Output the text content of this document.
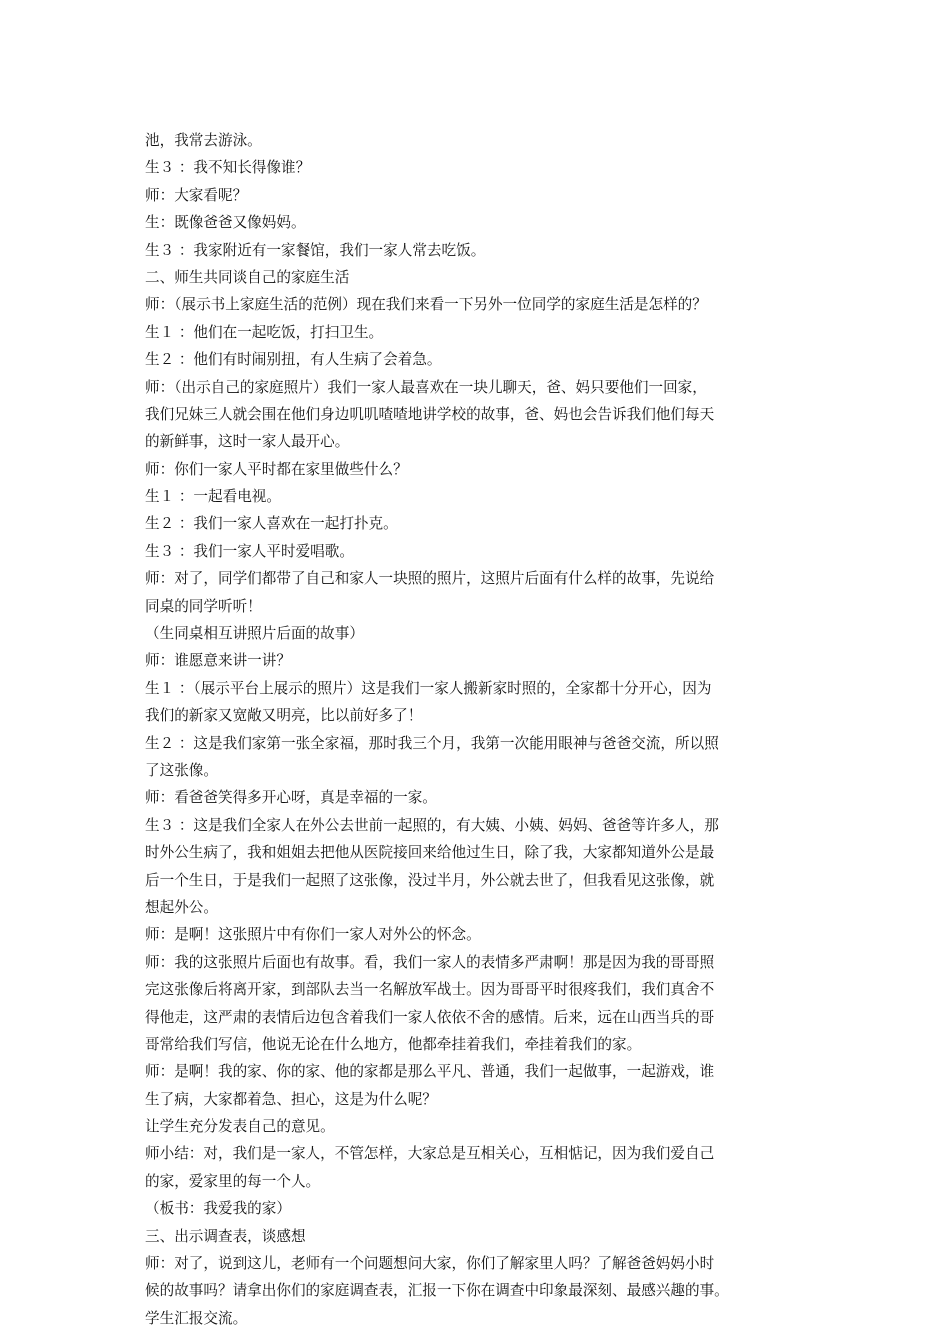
池，我常去游泳。
生３ ：我不知长得像谁？
师：大家看呢？
生：既像爸爸又像妈妈。
生３ ：我家附近有一家餐馆，我们一家人常去吃饭。
二、师生共同谈自己的家庭生活
师：（展示书上家庭生活的范例）现在我们来看一下另外一位同学的家庭生活是怎样的？
生１ ：他们在一起吃饭，打扫卫生。
生２ ：他们有时闹别扭，有人生病了会着急。
师：（出示自己的家庭照片）我们一家人最喜欢在一块儿聊天，爸、妈只要他们一回家，
我们兄妹三人就会围在他们身边叽叽喳喳地讲学校的故事，爸、妈也会告诉我们他们每天
的新鲜事，这时一家人最开心。
师：你们一家人平时都在家里做些什么？
生１ ：一起看电视。
生２ ：我们一家人喜欢在一起打扑克。
生３ ：我们一家人平时爱唱歌。
师：对了，同学们都带了自己和家人一块照的照片，这照片后面有什么样的故事，先说给
同桌的同学听听！
（生同桌相互讲照片后面的故事）
师：谁愿意来讲一讲？
生１ ：（展示平台上展示的照片）这是我们一家人搬新家时照的，全家都十分开心，因为
我们的新家又宽敞又明亮，比以前好多了！
生２ ：这是我们家第一张全家福，那时我三个月，我第一次能用眼神与爸爸交流，所以照
了这张像。
师：看爸爸笑得多开心呀，真是幸福的一家。
生３ ：这是我们全家人在外公去世前一起照的，有大姨、小姨、妈妈、爸爸等许多人，那
时外公生病了，我和姐姐去把他从医院接回来给他过生日，除了我，大家都知道外公是最
后一个生日，于是我们一起照了这张像，没过半月，外公就去世了，但我看见这张像，就
想起外公。
师：是啊！这张照片中有你们一家人对外公的怀念。
师：我的这张照片后面也有故事。看，我们一家人的表情多严肃啊！那是因为我的哥哥照
完这张像后将离开家，到部队去当一名解放军战士。因为哥哥平时很疼我们，我们真舍不
得他走，这严肃的表情后边包含着我们一家人依依不舍的感情。后来，远在山西当兵的哥
哥常给我们写信，他说无论在什么地方，他都牵挂着我们，牵挂着我们的家。
师：是啊！我的家、你的家、他的家都是那么平凡、普通，我们一起做事，一起游戏，谁
生了病，大家都着急、担心，这是为什么呢？
让学生充分发表自己的意见。
师小结：对，我们是一家人，不管怎样，大家总是互相关心，互相惦记，因为我们爱自己
的家，爱家里的每一个人。
（板书：我爱我的家）
三、出示调查表，谈感想
师：对了，说到这儿，老师有一个问题想问大家，你们了解家里人吗？了解爸爸妈妈小时
候的故事吗？请拿出你们的家庭调查表，汇报一下你在调查中印象最深刻、最感兴趣的事。
学生汇报交流。
